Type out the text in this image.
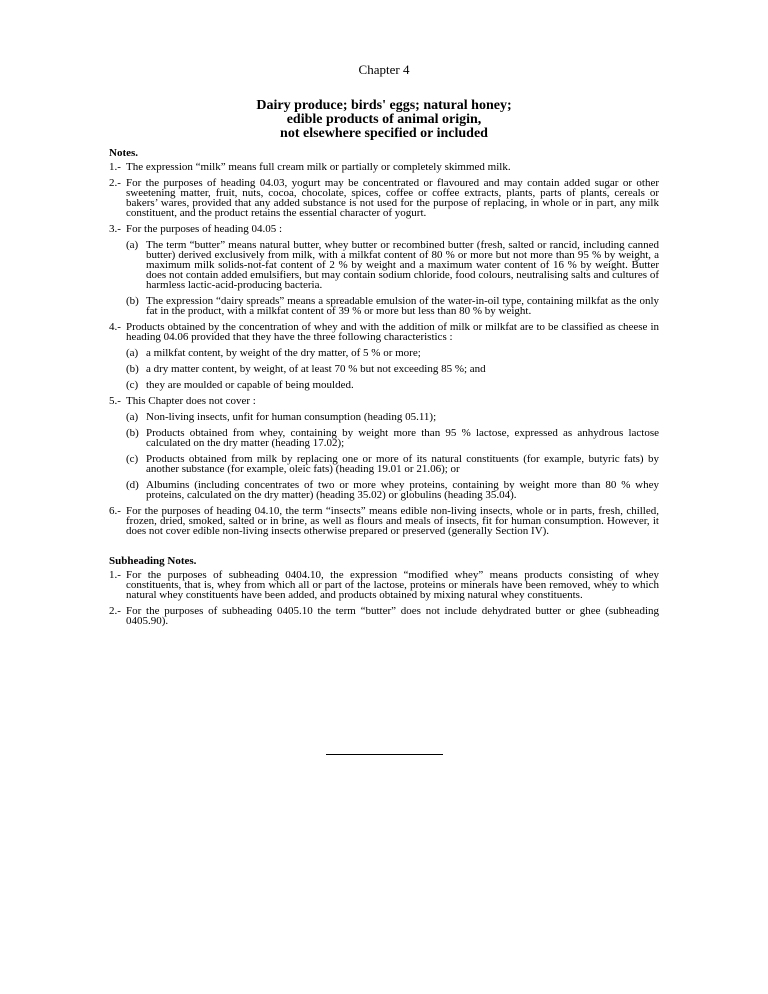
Chapter 4
Dairy produce; birds' eggs; natural honey;
edible products of animal origin,
not elsewhere specified or included
Notes.
1.- The expression “milk” means full cream milk or partially or completely skimmed milk.
2.- For the purposes of heading 04.03, yogurt may be concentrated or flavoured and may contain added sugar or other sweetening matter, fruit, nuts, cocoa, chocolate, spices, coffee or coffee extracts, plants, parts of plants, cereals or bakers’ wares, provided that any added substance is not used for the purpose of replacing, in whole or in part, any milk constituent, and the product retains the essential character of yogurt.
3.- For the purposes of heading 04.05 :
(a) The term “butter” means natural butter, whey butter or recombined butter (fresh, salted or rancid, including canned butter) derived exclusively from milk, with a milkfat content of 80 % or more but not more than 95 % by weight, a maximum milk solids-not-fat content of 2 % by weight and a maximum water content of 16 % by weight. Butter does not contain added emulsifiers, but may contain sodium chloride, food colours, neutralising salts and cultures of harmless lactic-acid-producing bacteria.
(b) The expression “dairy spreads” means a spreadable emulsion of the water-in-oil type, containing milkfat as the only fat in the product, with a milkfat content of 39 % or more but less than 80 % by weight.
4.- Products obtained by the concentration of whey and with the addition of milk or milkfat are to be classified as cheese in heading 04.06 provided that they have the three following characteristics :
(a) a milkfat content, by weight of the dry matter, of 5 % or more;
(b) a dry matter content, by weight, of at least 70 % but not exceeding 85 %; and
(c) they are moulded or capable of being moulded.
5.- This Chapter does not cover :
(a) Non-living insects, unfit for human consumption (heading 05.11);
(b) Products obtained from whey, containing by weight more than 95 % lactose, expressed as anhydrous lactose calculated on the dry matter (heading 17.02);
(c) Products obtained from milk by replacing one or more of its natural constituents (for example, butyric fats) by another substance (for example, oleic fats) (heading 19.01 or 21.06); or
(d) Albumins (including concentrates of two or more whey proteins, containing by weight more than 80 % whey proteins, calculated on the dry matter) (heading 35.02) or globulins (heading 35.04).
6.- For the purposes of heading 04.10, the term “insects” means edible non-living insects, whole or in parts, fresh, chilled, frozen, dried, smoked, salted or in brine, as well as flours and meals of insects, fit for human consumption. However, it does not cover edible non-living insects otherwise prepared or preserved (generally Section IV).
Subheading Notes.
1.- For the purposes of subheading 0404.10, the expression “modified whey” means products consisting of whey constituents, that is, whey from which all or part of the lactose, proteins or minerals have been removed, whey to which natural whey constituents have been added, and products obtained by mixing natural whey constituents.
2.- For the purposes of subheading 0405.10 the term “butter” does not include dehydrated butter or ghee (subheading 0405.90).
